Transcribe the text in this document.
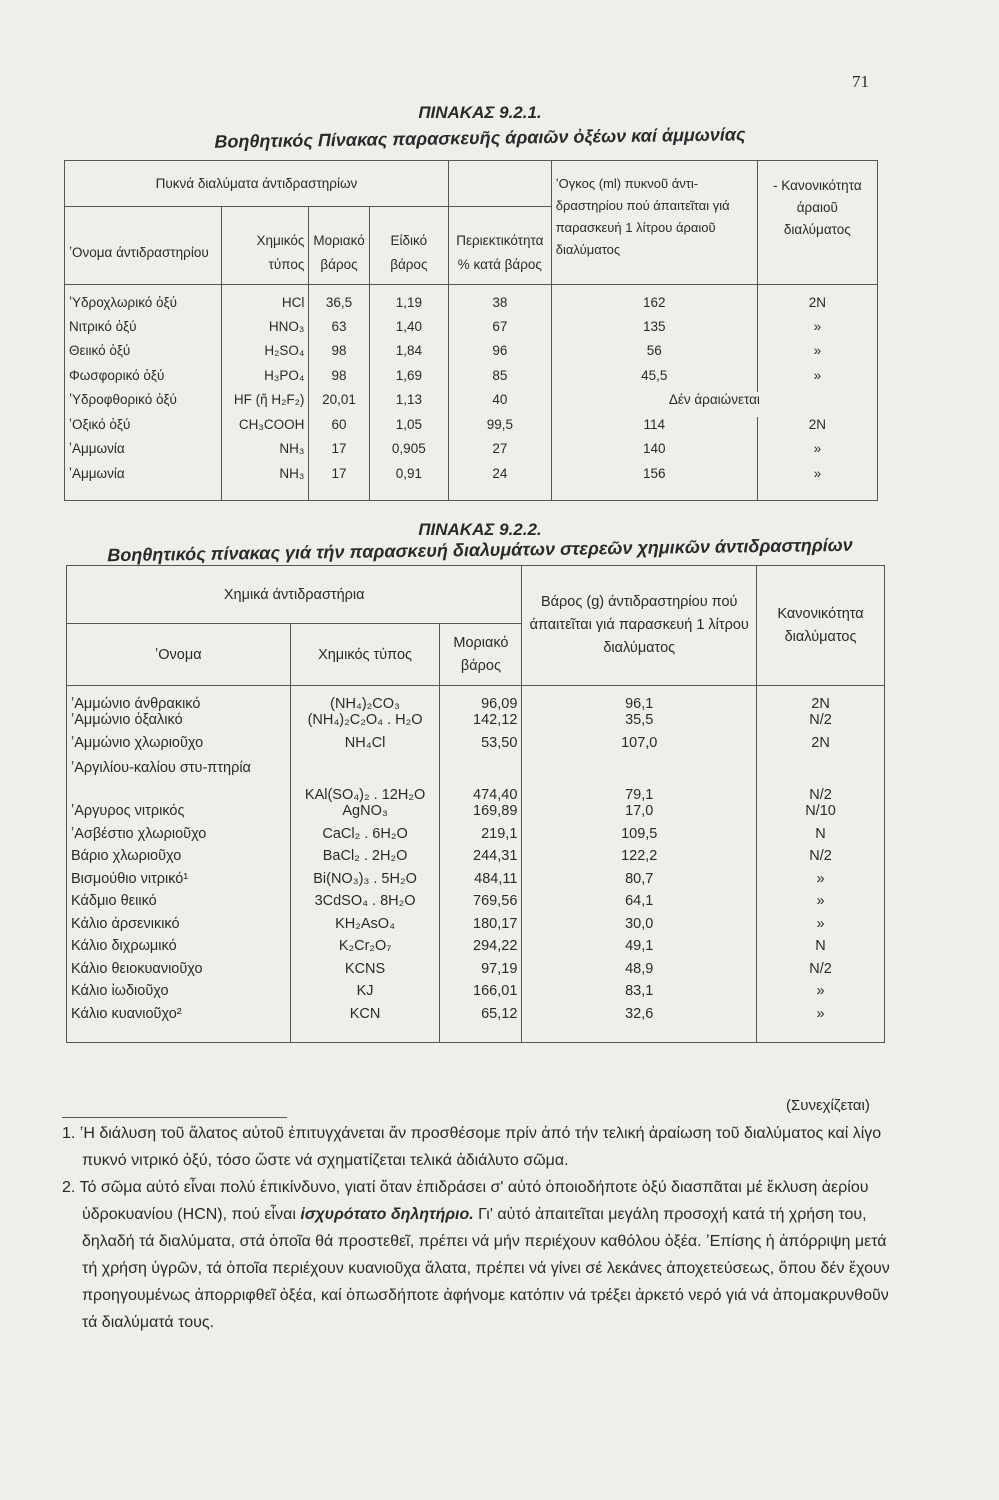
71
ΠΙΝΑΚΑΣ 9.2.1.
Βοηθητικός Πίνακας παρασκευῆς άραιῶν ὀξέων καί ἀμμωνίας
Πυκνά διαλύματα άντιδραστηρίων					ʽΟγκος (ml) πυκνοῦ άντι-δραστηρίου πού άπαιτεῖται γιά παρασκευή 1 λίτρου άραιοῦ διαλύματος	- Κανονικότητα άραιοῦ διαλύματος
ʽΟνομα άντιδραστηρίου	Χημικός τύπος	Μοριακό βάρος	Είδικό βάρος	Περιεκτικότητα % κατά βάρος		
ʽΥδροχλωρικό ὀξύ	HCl	36,5	1,19	38	162	2N
Νιτρικό ὀξύ	HNO₃	63	1,40	67	135	»
Θειικό ὀξύ	H₂SO₄	98	1,84	96	56	»
Φωσφορικό ὀξύ	H₃PO₄	98	1,69	85	45,5	»
ʽΥδροφθορικό ὀξύ	HF (ἤ H₂F₂)	20,01	1,13	40	Δέν άραιώνεται	
ʼΟξικό ὀξύ	CH₃COOH	60	1,05	99,5	114	2N
ʼΑμμωνία	NH₃	17	0,905	27	140	»
ʼΑμμωνία	NH₃	17	0,91	24	156	»

ΠΙΝΑΚΑΣ 9.2.2.
Βοηθητικός πίνακας γιά τήν παρασκευή διαλυμάτων στερεῶν χημικῶν άντιδραστηρίων
Χημικά άντιδραστήρια			Βάρος (g) άντιδραστηρίου πού άπαιτεῖται γιά παρασκευή 1 λίτρου διαλύματος	Κανονικότητα διαλύματος
ʽΟνομα	Χημικός τύπος	Μοριακό βάρος		
ʼΑμμώνιο άνθρακικό	(NH₄)₂CO₃	96,09	96,1	2N
ʼΑμμώνιο ὀξαλικό	(NH₄)₂C₂O₄ . H₂O	142,12	35,5	N/2
ʼΑμμώνιο χλωριοῦχο	NH₄Cl	53,50	107,0	2N
ʼΑργιλίου-καλίου στυ-πτηρία	KAl(SO₄)₂ . 12H₂O	474,40	79,1	N/2
ʽΑργυρος νιτρικός	AgNO₃	169,89	17,0	N/10
ʼΑσβέστιο χλωριοῦχο	CaCl₂ . 6H₂O	219,1	109,5	N
Βάριο χλωριοῦχο	BaCl₂ . 2H₂O	244,31	122,2	N/2
Βισμούθιο νιτρικό¹	Bi(NO₃)₃ . 5H₂O	484,11	80,7	»
Κάδμιο θειικό	3CdSO₄ . 8H₂O	769,56	64,1	»
Κάλιο άρσενικικό	KH₂AsO₄	180,17	30,0	»
Κάλιο διχρωμικό	K₂Cr₂O₇	294,22	49,1	N
Κάλιο θειοκυανιοῦχο	KCNS	97,19	48,9	N/2
Κάλιο ἰωδιοῦχο	KJ	166,01	83,1	»
Κάλιο κυανιοῦχο²	KCN	65,12	32,6	»

(Συνεχίζεται)
1. ʽΗ διάλυση τοῦ ἅλατος αὐτοῦ ἐπιτυγχάνεται ἄν προσθέσομε πρίν ἀπό τήν τελική ἀραίωση τοῦ διαλύματος καί λίγο πυκνό νιτρικό ὀξύ, τόσο ὥστε νά σχηματίζεται τελικά ἀδιάλυτο σῶμα.
2. Τό σῶμα αὐτό εἶναι πολύ ἐπικίνδυνο, γιατί ὅταν ἐπιδράσει σ' αὐτό ὁποιοδήποτε ὀξύ διασπᾶται μέ ἔκλυση ἀερίου ὑδροκυανίου (HCN), πού εἶναι ἰσχυρότατο δηλητήριο. Γι' αὐτό ἀπαιτεῖται μεγάλη προσοχή κατά τή χρήση του, δηλαδή τά διαλύματα, στά ὁποῖα θά προστεθεῖ, πρέπει νά μήν περιέχουν καθόλου ὀξέα. ʼΕπίσης ἡ ἀπόρριψη μετά τή χρήση ὑγρῶν, τά ὁποῖα περιέχουν κυανιοῦχα ἅλατα, πρέπει νά γίνει σέ λεκάνες ἀποχετεύσεως, ὅπου δέν ἔχουν προηγουμένως ἀπορριφθεῖ ὀξέα, καί ὁπωσδήποτε ἀφήνομε κατόπιν νά τρέξει ἀρκετό νερό γιά νά ἀπομακρυνθοῦν τά διαλύματά τους.
